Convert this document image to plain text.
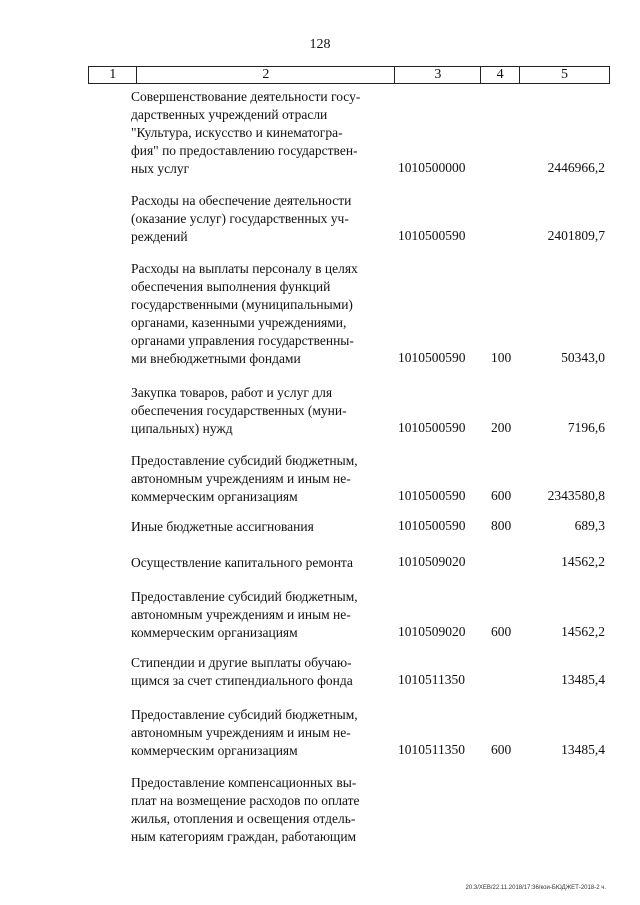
128
1	2	3	4	5
Совершенствование деятельности госу-
дарственных учреждений отрасли
"Культура, искусство и кинематогра-
фия" по предоставлению государствен-
ных услуг	1010500000	2446966,2
Расходы на обеспечение деятельности
(оказание услуг) государственных уч-
реждений	1010500590	2401809,7
Расходы на выплаты персоналу в целях
обеспечения выполнения функций
государственными (муниципальными)
органами, казенными учреждениями,
органами управления государственны-
ми внебюджетными фондами	1010500590 100	50343,0
Закупка товаров, работ и услуг для
обеспечения государственных (муни-
ципальных) нужд	1010500590 200	7196,6
Предоставление субсидий бюджетным,
автономным учреждениям и иным не-
коммерческим организациям	1010500590 600	2343580,8
Иные бюджетные ассигнования	1010500590 800	689,3
Осуществление капитального ремонта	1010509020	14562,2
Предоставление субсидий бюджетным,
автономным учреждениям и иным не-
коммерческим организациям	1010509020 600	14562,2
Стипендии и другие выплаты обучаю-
щимся за счет стипендиального фонда	1010511350	13485,4
Предоставление субсидий бюджетным,
автономным учреждениям и иным не-
коммерческим организациям	1010511350 600	13485,4
Предоставление компенсационных вы-
плат на возмещение расходов по оплате
жилья, отопления и освещения отдель-
ным категориям граждан, работающим
20.3/ХЕВ/22.11.2018/17:36/кои-БЮДЖЕТ-2018-2 ч.
